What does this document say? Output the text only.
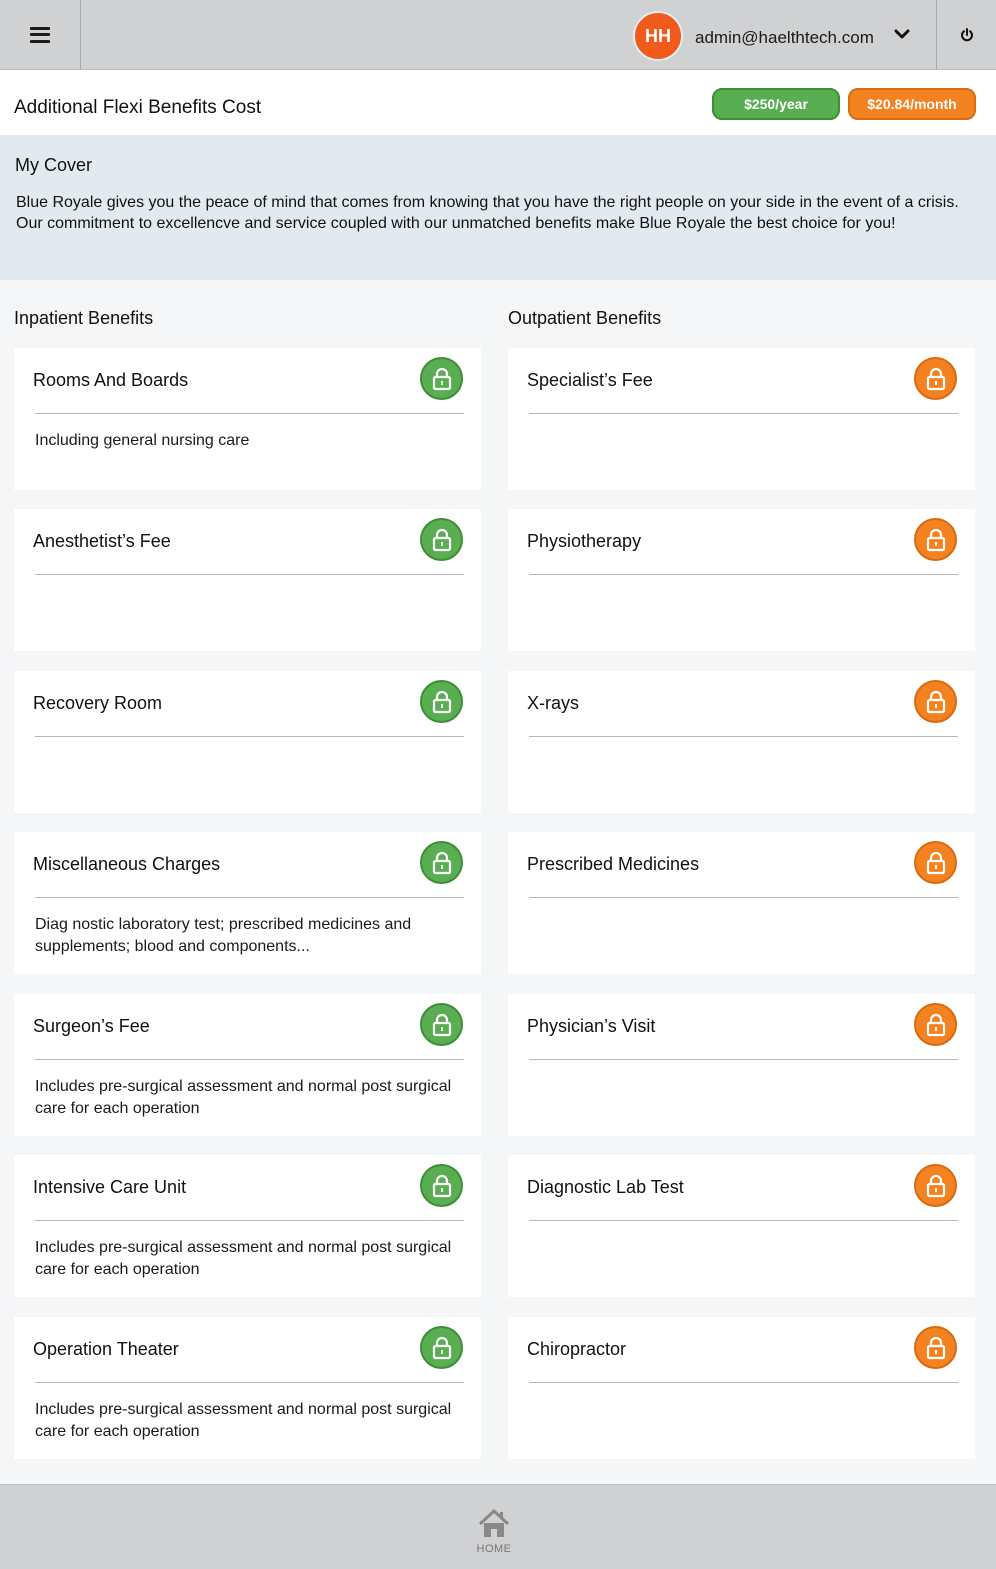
HH	admin@haelthtech.com
Additional Flexi Benefits Cost	$250/year	$20.84/month
My Cover
Blue Royale gives you the peace of mind that comes from knowing that you have the right people on your side in the event of a crisis. Our commitment to excellencve and service coupled with our unmatched benefits make Blue Royale the best choice for you!
Inpatient Benefits	Outpatient Benefits
Rooms And Boards
Including general nursing care
Anesthetist’s Fee
Recovery Room
Miscellaneous Charges
Diag nostic laboratory test; prescribed medicines and supplements; blood and components...
Surgeon’s Fee
Includes pre-surgical assessment and normal post surgical care for each operation
Intensive Care Unit
Includes pre-surgical assessment and normal post surgical care for each operation
Operation Theater
Includes pre-surgical assessment and normal post surgical care for each operation
Specialist’s Fee
Physiotherapy
X-rays
Prescribed Medicines
Physician’s Visit
Diagnostic Lab Test
Chiropractor
HOME
